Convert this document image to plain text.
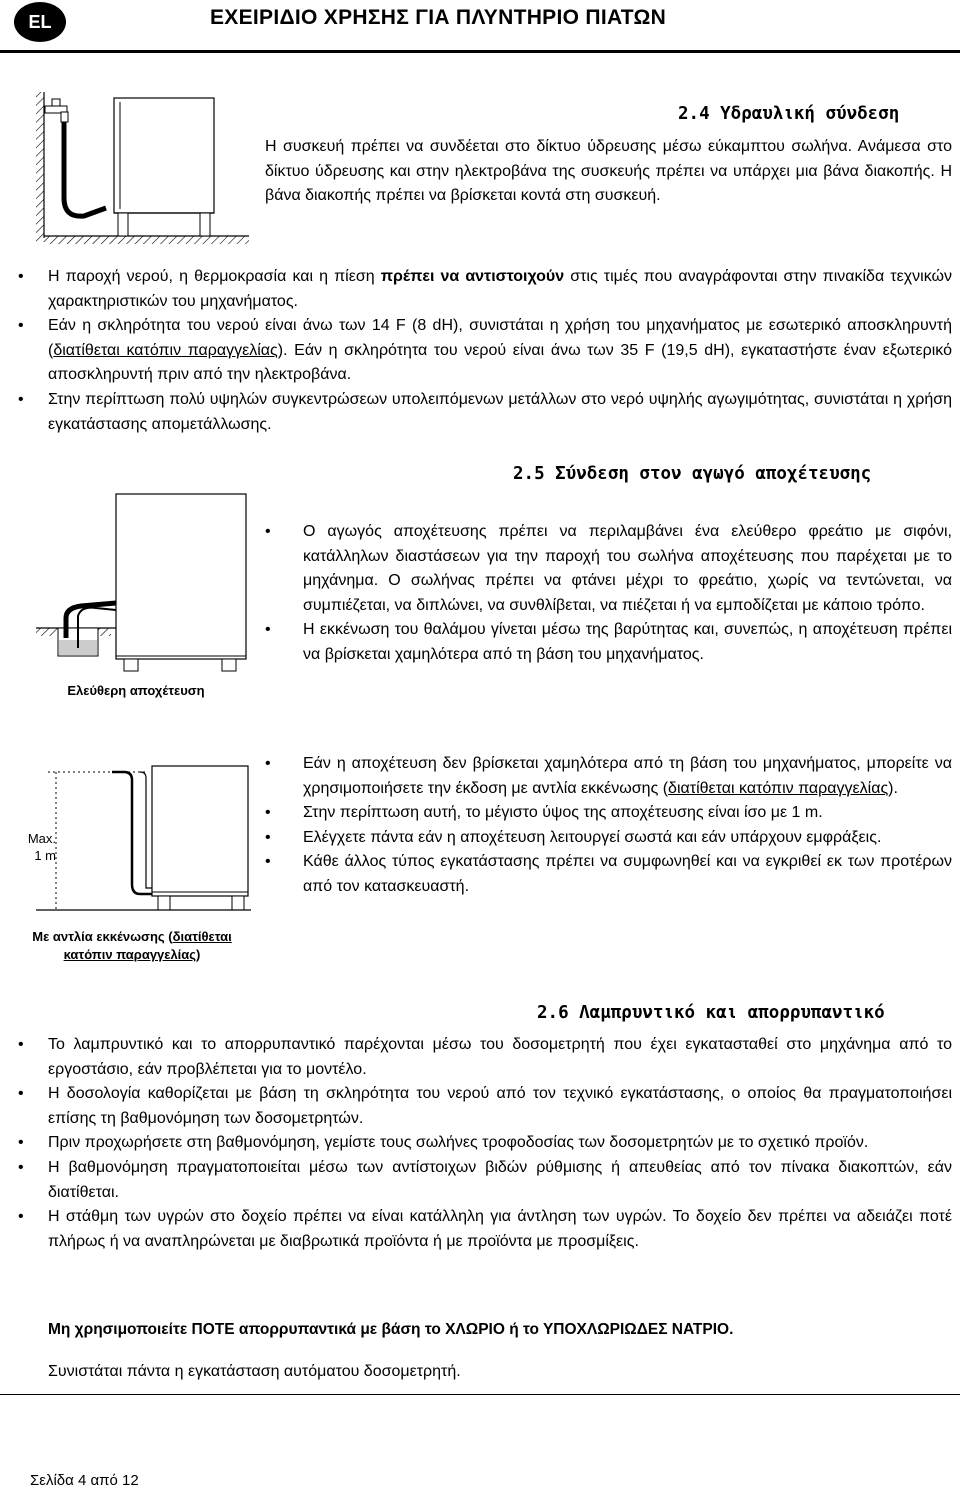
EL	ΕΧΕΙΡΙΔΙΟ ΧΡΗΣΗΣ ΓΙΑ ΠΛΥΝΤΗΡΙΟ ΠΙΑΤΩΝ
2.4 Υδραυλική σύνδεση
Η συσκευή πρέπει να συνδέεται στο δίκτυο ύδρευσης μέσω εύκαμπτου σωλήνα. Ανάμεσα στο δίκτυο ύδρευσης και στην ηλεκτροβάνα της συσκευής πρέπει να υπάρχει μια βάνα διακοπής. Η βάνα διακοπής πρέπει να βρίσκεται κοντά στη συσκευή.
• Η παροχή νερού, η θερμοκρασία και η πίεση πρέπει να αντιστοιχούν στις τιμές που αναγράφονται στην πινακίδα τεχνικών χαρακτηριστικών του μηχανήματος.
• Εάν η σκληρότητα του νερού είναι άνω των 14 F (8 dH), συνιστάται η χρήση του μηχανήματος με εσωτερικό αποσκληρυντή (διατίθεται κατόπιν παραγγελίας). Εάν η σκληρότητα του νερού είναι άνω των 35 F (19,5 dH), εγκαταστήστε έναν εξωτερικό αποσκληρυντή πριν από την ηλεκτροβάνα.
• Στην περίπτωση πολύ υψηλών συγκεντρώσεων υπολειπόμενων μετάλλων στο νερό υψηλής αγωγιμότητας, συνιστάται η χρήση εγκατάστασης απομετάλλωσης.
2.5 Σύνδεση στον αγωγό αποχέτευσης
Ελεύθερη αποχέτευση
Max.
1 m
Με αντλία εκκένωσης (διατίθεται
κατόπιν παραγγελίας)
• Ο αγωγός αποχέτευσης πρέπει να περιλαμβάνει ένα ελεύθερο φρεάτιο με σιφόνι, κατάλληλων διαστάσεων για την παροχή του σωλήνα αποχέτευσης που παρέχεται με το μηχάνημα. Ο σωλήνας πρέπει να φτάνει μέχρι το φρεάτιο, χωρίς να τεντώνεται, να συμπιέζεται, να διπλώνει, να συνθλίβεται, να πιέζεται ή να εμποδίζεται με κάποιο τρόπο.
• Η εκκένωση του θαλάμου γίνεται μέσω της βαρύτητας και, συνεπώς, η αποχέτευση πρέπει να βρίσκεται χαμηλότερα από τη βάση του μηχανήματος.
• Εάν η αποχέτευση δεν βρίσκεται χαμηλότερα από τη βάση του μηχανήματος, μπορείτε να χρησιμοποιήσετε την έκδοση με αντλία εκκένωσης (διατίθεται κατόπιν παραγγελίας).
• Στην περίπτωση αυτή, το μέγιστο ύψος της αποχέτευσης είναι ίσο με 1 m.
• Ελέγχετε πάντα εάν η αποχέτευση λειτουργεί σωστά και εάν υπάρχουν εμφράξεις.
• Κάθε άλλος τύπος εγκατάστασης πρέπει να συμφωνηθεί και να εγκριθεί εκ των προτέρων από τον κατασκευαστή.
2.6 Λαμπρυντικό και απορρυπαντικό
• Το λαμπρυντικό και το απορρυπαντικό παρέχονται μέσω του δοσομετρητή που έχει εγκατασταθεί στο μηχάνημα από το εργοστάσιο, εάν προβλέπεται για το μοντέλο.
• Η δοσολογία καθορίζεται με βάση τη σκληρότητα του νερού από τον τεχνικό εγκατάστασης, ο οποίος θα πραγματοποιήσει επίσης τη βαθμονόμηση των δοσομετρητών.
• Πριν προχωρήσετε στη βαθμονόμηση, γεμίστε τους σωλήνες τροφοδοσίας των δοσομετρητών με το σχετικό προϊόν.
• Η βαθμονόμηση πραγματοποιείται μέσω των αντίστοιχων βιδών ρύθμισης ή απευθείας από τον πίνακα διακοπτών, εάν διατίθεται.
• Η στάθμη των υγρών στο δοχείο πρέπει να είναι κατάλληλη για άντληση των υγρών. Το δοχείο δεν πρέπει να αδειάζει ποτέ πλήρως ή να αναπληρώνεται με διαβρωτικά προϊόντα ή με προϊόντα με προσμίξεις.
Μη χρησιμοποιείτε ΠΟΤΕ απορρυπαντικά με βάση το ΧΛΩΡΙΟ ή το ΥΠΟΧΛΩΡΙΩΔΕΣ ΝΑΤΡΙΟ.
Συνιστάται πάντα η εγκατάσταση αυτόματου δοσομετρητή.
Σελίδα 4 από 12
